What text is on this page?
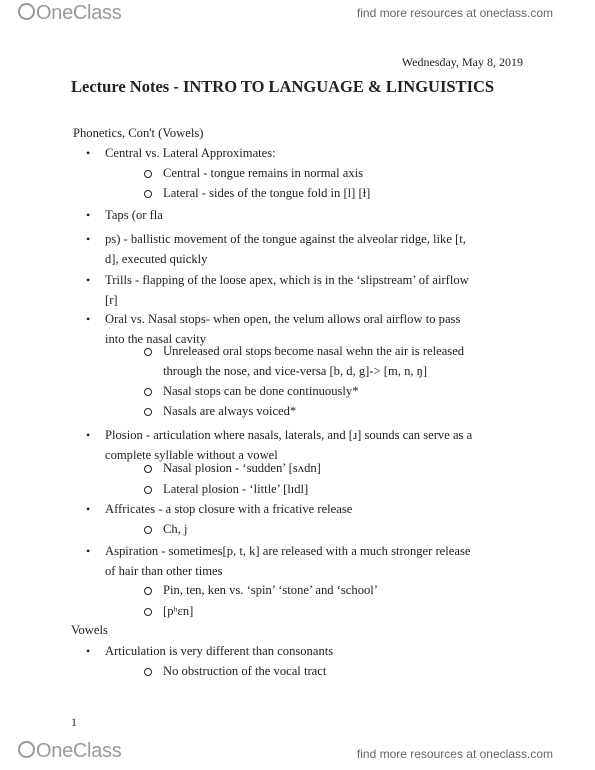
OneClass	find more resources at oneclass.com
Wednesday, May 8, 2019
Lecture Notes - INTRO TO LANGUAGE & LINGUISTICS
Phonetics, Con't (Vowels)
• Central vs. Lateral Approximates:
Central - tongue remains in normal axis
Lateral - sides of the tongue fold in [l] [ɫ]
• Taps (or fla
• ps) - ballistic movement of the tongue against the alveolar ridge, like [t,
d], executed quickly
• Trills - flapping of the loose apex, which is in the ‘slipstream’ of airflow
[r]
• Oral vs. Nasal stops- when open, the velum allows oral airflow to pass
into the nasal cavity
Unreleased oral stops become nasal wehn the air is released
through the nose, and vice-versa [b, d, g]-> [m, n, ŋ]
Nasal stops can be done continuously*
Nasals are always voiced*
• Plosion - articulation where nasals, laterals, and [ɹ] sounds can serve as a
complete syllable without a vowel
Nasal plosion - ‘sudden’ [sʌdn]
Lateral plosion - ‘little’ [lɪdl]
• Affricates - a stop closure with a fricative release
Ch, j
• Aspiration - sometimes[p, t, k] are released with a much stronger release
of hair than other times
Pin, ten, ken vs. ‘spin’ ‘stone’ and ‘school’
[pʰɛn]
Vowels
• Articulation is very different than consonants
No obstruction of the vocal tract
1
OneClass	find more resources at oneclass.com
